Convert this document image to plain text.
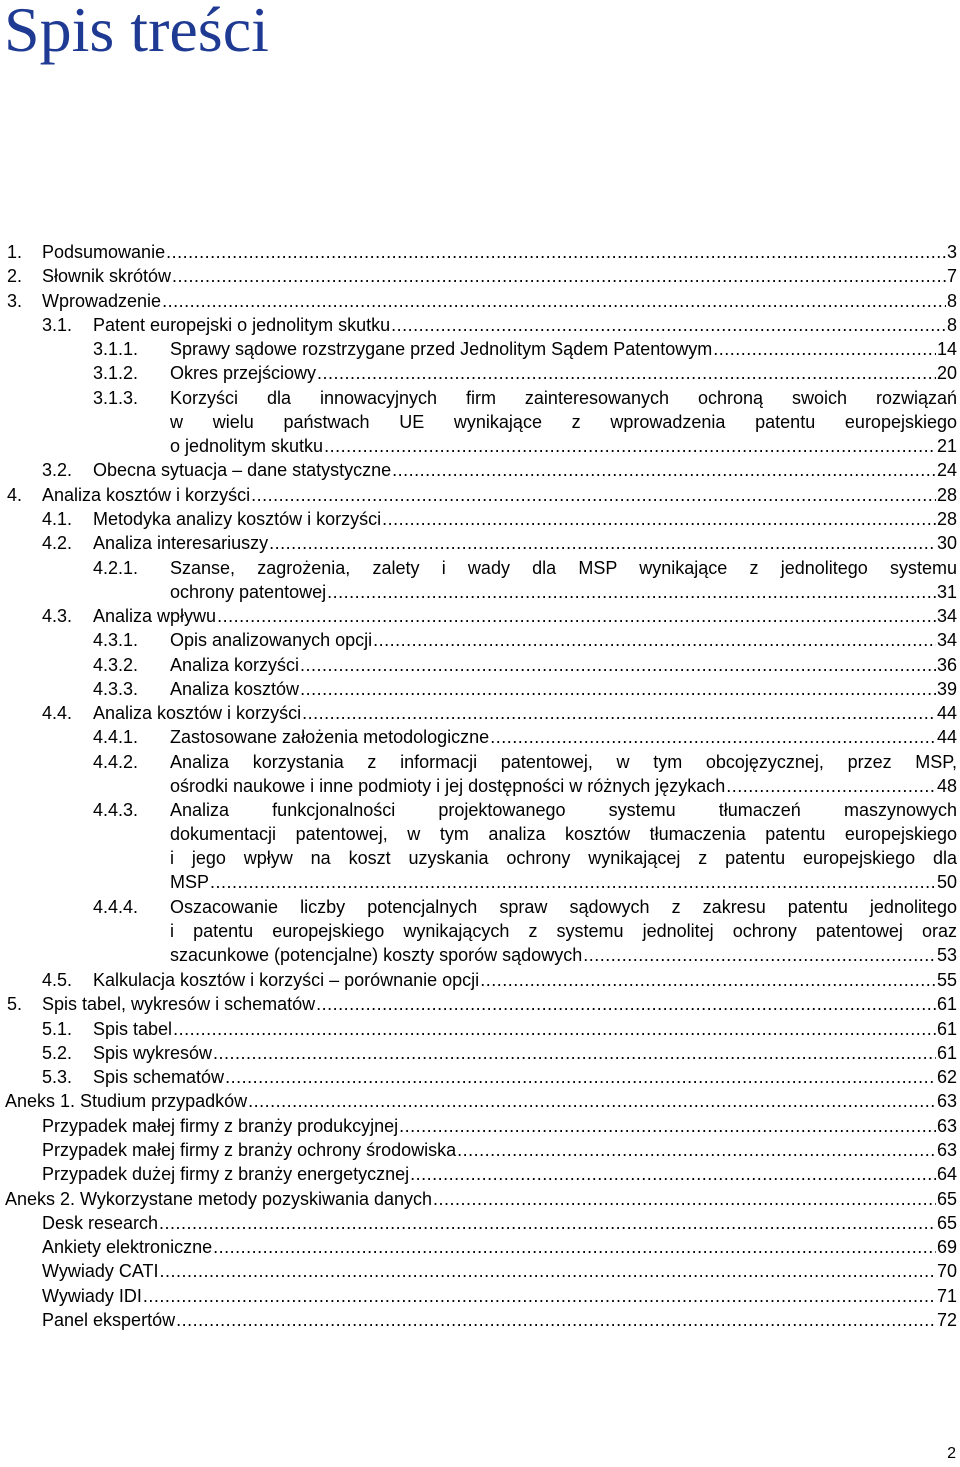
Spis treści
1. Podsumowanie .....	3
2. Słownik skrótów .....	7
3. Wprowadzenie .....	8
3.1. Patent europejski o jednolitym skutku .....	8
3.1.1. Sprawy sądowe rozstrzygane przed Jednolitym Sądem Patentowym .....	14
3.1.2. Okres przejściowy .....	20
3.1.3. Korzyści dla innowacyjnych firm zainteresowanych ochroną swoich rozwiązań
w wielu państwach UE wynikające z wprowadzenia patentu europejskiego
o jednolitym skutku .....	21
3.2. Obecna sytuacja – dane statystyczne .....	24
4. Analiza kosztów i korzyści .....	28
4.1. Metodyka analizy kosztów i korzyści .....	28
4.2. Analiza interesariuszy .....	30
4.2.1. Szanse, zagrożenia, zalety i wady dla MSP wynikające z jednolitego systemu
ochrony patentowej .....	31
4.3. Analiza wpływu .....	34
4.3.1. Opis analizowanych opcji .....	34
4.3.2. Analiza korzyści .....	36
4.3.3. Analiza kosztów .....	39
4.4. Analiza kosztów i korzyści .....	44
4.4.1. Zastosowane założenia metodologiczne .....	44
4.4.2. Analiza korzystania z informacji patentowej, w tym obcojęzycznej, przez MSP,
ośrodki naukowe i inne podmioty i jej dostępności w różnych językach .....	48
4.4.3. Analiza funkcjonalności projektowanego systemu tłumaczeń maszynowych
dokumentacji patentowej, w tym analiza kosztów tłumaczenia patentu europejskiego
i jego wpływ na koszt uzyskania ochrony wynikającej z patentu europejskiego dla
MSP .....	50
4.4.4. Oszacowanie liczby potencjalnych spraw sądowych z zakresu patentu jednolitego
i patentu europejskiego wynikających z systemu jednolitej ochrony patentowej oraz
szacunkowe (potencjalne) koszty sporów sądowych .....	53
4.5. Kalkulacja kosztów i korzyści – porównanie opcji .....	55
5. Spis tabel, wykresów i schematów .....	61
5.1. Spis tabel .....	61
5.2. Spis wykresów .....	61
5.3. Spis schematów .....	62
Aneks 1. Studium przypadków .....	63
Przypadek małej firmy z branży produkcyjnej .....	63
Przypadek małej firmy z branży ochrony środowiska .....	63
Przypadek dużej firmy z branży energetycznej .....	64
Aneks 2. Wykorzystane metody pozyskiwania danych .....	65
Desk research .....	65
Ankiety elektroniczne .....	69
Wywiady CATI .....	70
Wywiady IDI .....	71
Panel ekspertów .....	72
2
